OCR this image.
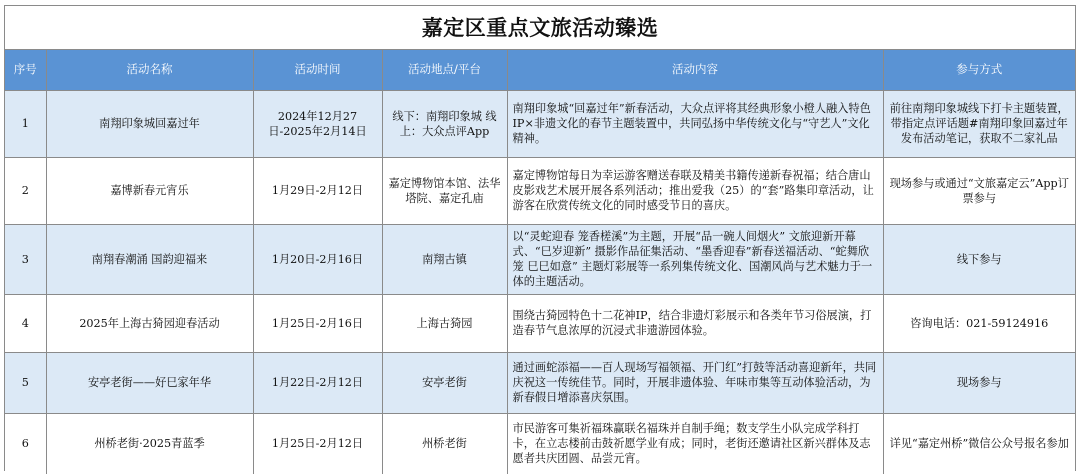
嘉定区重点文旅活动臻选
序号	活动名称	活动时间	活动地点/平台	活动内容	参与方式
1	南翔印象城回嘉过年	2024年12月27日-2025年2月14日	线下：南翔印象城 线上：大众点评App	南翔印象城“回嘉过年”新春活动，大众点评将其经典形象小橙人融入特色IP×非遗文化的春节主题装置中，共同弘扬中华传统文化与“守艺人”文化精神。	前往南翔印象城线下打卡主题装置，带指定点评话题#南翔印象回嘉过年发布活动笔记，获取不二家礼品
2	嘉博新春元宵乐	1月29日-2月12日	嘉定博物馆本馆、法华塔院、嘉定孔庙	嘉定博物馆每日为幸运游客赠送春联及精美书籍传递新春祝福；结合唐山皮影戏艺术展开展各系列活动；推出爱我（25）的“套”路集印章活动，让游客在欣赏传统文化的同时感受节日的喜庆。	现场参与或通过“文旅嘉定云”App订票参与
3	南翔春潮涌 国韵迎福来	1月20日-2月16日	南翔古镇	以“灵蛇迎春 笼香槎溪”为主题，开展“品一碗人间烟火” 文旅迎新开幕式、“巳岁迎新” 摄影作品征集活动、“墨香迎春”新春送福活动、“蛇舞欣笼 巳巳如意” 主题灯彩展等一系列集传统文化、国潮风尚与艺术魅力于一体的主题活动。	线下参与
4	2025年上海古猗园迎春活动	1月25日-2月16日	上海古猗园	围绕古猗园特色十二花神IP，结合非遗灯彩展示和各类年节习俗展演，打造春节气息浓厚的沉浸式非遗游园体验。	咨询电话：021-59124916
5	安亭老街——好巳家年华	1月22日-2月12日	安亭老街	通过画蛇添福——百人现场写福领福、开门红”打鼓等活动喜迎新年，共同庆祝这一传统佳节。同时，开展非遗体验、年味市集等互动体验活动，为新春假日增添喜庆氛围。	现场参与
6	州桥老街·2025青蓝季	1月25日-2月12日	州桥老街	市民游客可集祈福珠赢联名福珠并自制手绳；数支学生小队完成学科打卡，在立志楼前击鼓祈愿学业有成；同时，老街还邀请社区新兴群体及志愿者共庆团圆、品尝元宵。	详见“嘉定州桥”微信公众号报名参加
